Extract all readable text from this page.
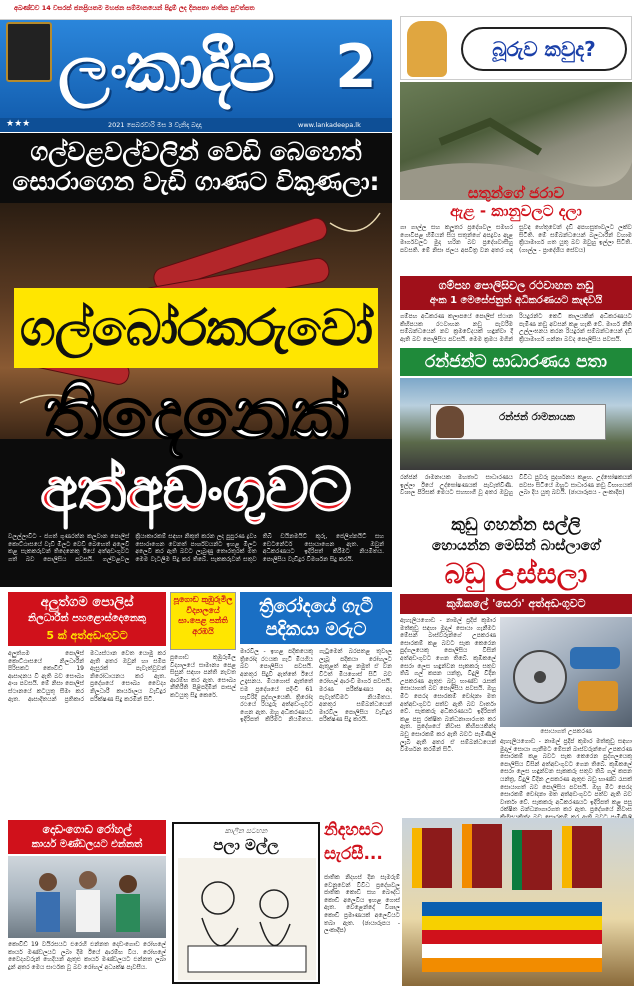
අඛණ්ඩව 14 වසරක් ජනප්‍රියතම මහජන සම්මානයෙන් පිදුම් ලද දිනපතා ජාතික පුවත්පත
ලංකාදීප 2
★★★	2021 පෙබරවාරි මස 3 වැනිදා බදාදා	www.lankadeepa.lk
ගල්වළවල්වලින් වෙඩි බෙහෙත්
සොරාගෙන වැඩි ගාණට විකුණලා:
ගල්බෝරකරුවෝ
තිදෙනෙක්
අත්අඩංගුවට
වලල්ලාවිට - ජගත් ගුණරත්න කලවාන පොලිස් කොට්ඨාසයේ වැඩි මිලට වෙඩි බෙහෙත් අලෙවි කළ සැකකරුවන් තිදෙනෙකු ඊයේ අත්අඩංගුවට ගත් බව පොලිසිය පවසයි. ගල්වළවල ක්‍රියාකාරකම් සඳහා නිකුත් කරන ලද පුපුරණ ද්‍රව්‍ය සොරාගෙන වෙනත් පාර්ශ්වයන්ට ඉහළ මිලට අලෙවි කර ඇති බවට ලැබුණු තොරතුරක් මත මෙම වැටලීම සිදු කර තිබේ. සැකකරුවන් සතුව තිබී ඩයිනමයිට් කූරු, ජෙලිග්නයිට් සහ ඩෙටනේටර් සොයාගෙන ඇත. ඔවුන් අධිකරණයට ඉදිරිපත් කිරීමට නියමිතය. පොලිසිය වැඩිදුර විමර්ශන සිදු කරයි.
බූරුව කවුද?
සතුන්ගේ ජරාව
ඇළ - කානුවලට දලා
ගා ගාල්ල සහ කලුතර ප්‍රදේශවල සමහර ගොවිපළ හිමියන් සිය සතුන්ගේ අපද්‍රව්‍ය ඇළ මාර්ගවලට මුදා හරින බව ප්‍රදේශවාසීහු පවසති. මේ නිසා ජලය අපවිත්‍ර වන අතර ගඳ සුවඳ හේතුවෙන් දැඩි අපහසුතාවලට ලක්ව සිටිති. මේ සම්බන්ධයෙන් බලධාරීන් වහාම ක්‍රියාමාර්ග ගත යුතු බව ඔවුහු ඉල්ලා සිටිති. (ගාල්ල - ප්‍රාදේශීය සේවය)
ගම්පහ පොලිසිවල රථවාහන නඩු
අංක 1 මෙසේජනුත් අධිකරණයට කැඳවයි
ගම්පහ අධිකරණ කලාපයේ පොලිස් ස්ථාන කිහිපයක රථවාහන නඩු පැවරීම සම්බන්ධයෙන් නව ක්‍රමවේදයක් හඳුන්වා දී ඇති බව පොලිසිය පවසයි. මෙම ක්‍රමය මගින් රියදුරන්ට කෙටි කාලයකින් අධිකරණයට පැමිණ නඩු අවසන් කළ හැකි වේ. මාර්ග නීති උල්ලංඝනය කරන රියදුරන් සම්බන්ධයෙන් දැඩි ක්‍රියාමාර්ග ගන්නා බවද පොලිසිය පවසයි.
රන්ජන්ට සාධාරණය පතා
රන්ජන් රාමනායක
රන්ජන් රාමනායක මහතාට සාධාරණය ඉල්ලා ඊයේ උද්ඝෝෂණයක් පැවැත්විණි. විශාල පිරිසක් මෙයට සහභාගී වූ අතර ඔවුහු විවිධ පුවරු ප්‍රදර්ශනය කළහ. උද්ඝෝෂකයන් පවසා සිටියේ ඔහුට සාධාරණ නඩු විභාගයක් ලබා දිය යුතු බවයි. (ඡායාරූපය - ලංකාදීප)
කුඩු ගහන්න සල්ලි
හොයන්න මෙසින් බාස්ලාගේ
බඩු උස්සලා
කුඹිකලේ 'සෙරා' අත්අඩංගුවට
ඇහැලියගොඩ - නාමල් ප්‍රදීප් කුමාර මත්කුඩු සඳහා මුදල් සොයා ගැනීමට මේසන් බාස්වරුන්ගේ උපකරණ සොරකම් කළ බවට සැක කෙරෙන පුද්ගලයෙකු පොලිසිය විසින් අත්අඩංගුවට ගෙන තිබේ. කුඹිකලේ සෙරා ලෙස හඳුන්වන සැකකරු සතුව තිබී ගල් කපන යන්ත්‍ර, විදුලි විදින උපකරණ ඇතුළු බඩු භාණ්ඩ රැසක් සොයාගත් බව පොලිසිය පවසයි. ඔහු මීට පෙරද සොරකම් චෝදනා මත අත්අඩංගුවට පත්ව ඇති බව වාර්තා වේ. සැකකරු අධිකරණයට ඉදිරිපත් කළ පසු රක්ෂිත බන්ධනාගාරගත කර ඇත. ප්‍රදේශයේ නිවාස කිහිපයකින්ද බඩු සොරකම් කර ඇති බවට පැමිණිලි ලැබී ඇති අතර ඒ සම්බන්ධයෙන් විමර්ශන කරමින් සිටී.
සොයාගත් උපකරණ
ඇහැලියගොඩ - නාමල් ප්‍රදීප් කුමාර මත්කුඩු සඳහා මුදල් සොයා ගැනීමට මේසන් බාස්වරුන්ගේ උපකරණ සොරකම් කළ බවට සැක කෙරෙන පුද්ගලයෙකු පොලිසිය විසින් අත්අඩංගුවට ගෙන තිබේ. කුඹිකලේ සෙරා ලෙස හඳුන්වන සැකකරු සතුව තිබී ගල් කපන යන්ත්‍ර, විදුලි විදින උපකරණ ඇතුළු බඩු භාණ්ඩ රැසක් සොයාගත් බව පොලිසිය පවසයි. ඔහු මීට පෙරද සොරකම් චෝදනා මත අත්අඩංගුවට පත්ව ඇති බව වාර්තා වේ. සැකකරු අධිකරණයට ඉදිරිපත් කළ පසු රක්ෂිත බන්ධනාගාරගත කර ඇත. ප්‍රදේශයේ නිවාස
අලුත්ගම පොලිස්
නිලධාරීන් පහළොස්දෙනෙකු
5 ක් අත්අඩංගුවට
අලුත්ගම පොලිස් කොට්ඨාසයේ නිලධාරීන් පිරිසකට කොවිඩ් 19 ආසාදනය වී ඇති බව සෞඛ්‍ය අංශ පවසයි. මේ නිසා පොලිස් ස්ථානයේ කටයුතු සීමා කර ඇත. ආසාදිතයන් ප්‍රතිකාර මධ්‍යස්ථාන වෙත යොමු කර ඇති අතර ඔවුන් හා සමීප ඇසුරක් පැවැත්වූවන් නිරෝධායනය කර ඇත. ප්‍රදේශයේ සෞඛ්‍ය වෛද්‍ය නිලධාරී කාර්යාලය වැඩිදුර පරීක්ෂණ සිදු කරමින් සිටී.
පූගොඩ කුඹුරුමිල විද්‍යාලයේ සා.පෙළ පන්ති අරඹයි
පූගොඩ කුඹුරුමිල විද්‍යාලයේ සාමාන්‍ය පෙළ සිසුන් සඳහා පන්ති නැවත ආරම්භ කර ඇත. සෞඛ්‍ය නීතිරීති පිළිපදිමින් පාසල් කටයුතු සිදු කෙරේ.
ත්‍රිරෝදයේ ගැටී
පදිකයා මරුට
මාරවිල - ඉහළ පදිකයෙකු ත්‍රිරෝද රථයක ගැටී මියගිය බව පොලිසිය පවසයි. අනතුර සිදුවී ඇත්තේ ඊයේ උදෑසනය. මියගොස් ඇත්තේ එම ප්‍රදේශයේ පදිංචි 61 හැවිරිදි පුද්ගලයෙකි. ත්‍රිරෝද රථයේ රියදුරු අත්අඩංගුවට ගෙන ඇත. ඔහු අධිකරණයට ඉදිරිපත් කිරීමට නියමිතය. ගැටුමෙන් බරපතළ තුවාල ලැබූ පදිකයා රෝහලට ඇතුළත් කළ නමුත් ඒ වන විටත් මියගොස් සිටි බව රෝහල් ආරංචි මාර්ග පවසයි. මරණ පරීක්ෂණය අද පැවැත්වීමට නියමිතය. අනතුර සම්බන්ධයෙන් මාරවිල පොලිසිය වැඩිදුර පරීක්ෂණ සිදු කරයි.
දොඩංගොඩ රෝහල්
කාර්ය මණ්ඩලයට එන්නත්
කොවිඩ් 19 වයිරසයට එරෙහි එන්නත දොඩංගොඩ රෝහලේ කාර්ය මණ්ඩලයට ලබා දීම ඊයේ ආරම්භ විය. රෝහලේ වෛද්‍යවරුන් හෙදියන් ඇතුළු කාර්ය මණ්ඩලයට එන්නත ලබා දුන් අතර මෙය සාර්ථක වූ බව රෝහල් අධ්‍යක්ෂ පැවසීය.
කාලීන සටහන
පලා මල්ල
නිදහසට
සැරසී...
ජාතික නිදහස් දින සැමරුම් වෙනුවෙන් විවිධ ප්‍රදේශවල ජාතික කොඩි සහ බෞද්ධ කොඩි අලෙවිය ඉහළ ගොස් ඇත. වෙළෙන්දෝ විශාල කොඩි ප්‍රමාණයක් අලෙවියට තබා ඇත. (ඡායාරූපය - ලංකාදීප)
